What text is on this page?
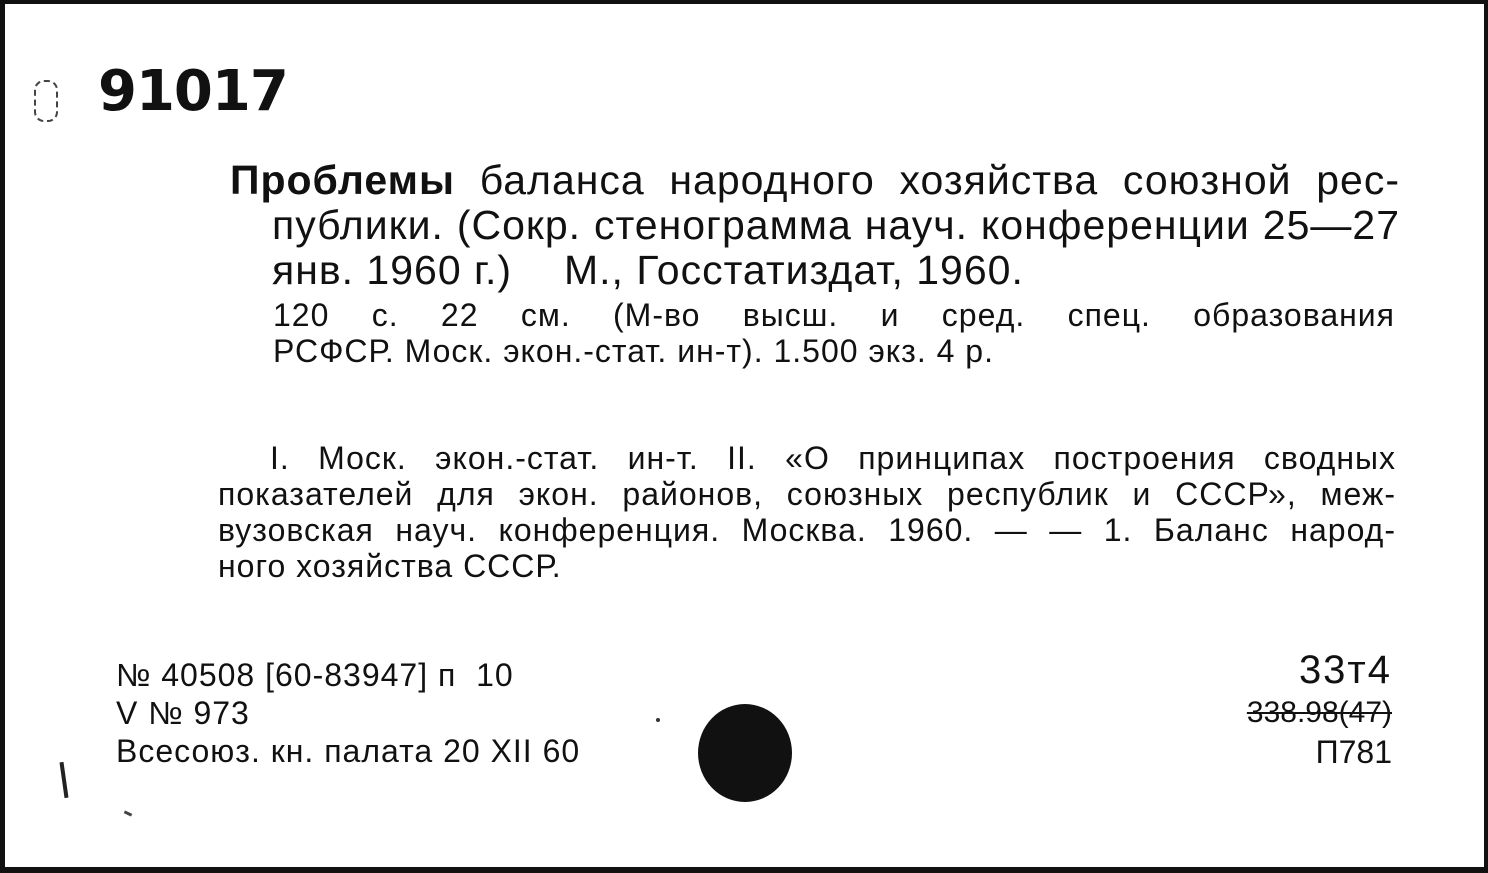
91017
Проблемы баланса народного хозяйства союзной рес-
публики. (Сокр. стенограмма науч. конференции 25—27
янв. 1960 г.) М., Госстатиздат, 1960.
120 с. 22 см. (М-во высш. и сред. спец. образования
РСФСР. Моск. экон.-стат. ин-т). 1.500 экз. 4 р.
I. Моск. экон.-стат. ин-т. II. «О принципах построения сводных
показателей для экон. районов, союзных республик и СССР», меж-
вузовская науч. конференция. Москва. 1960. — — 1. Баланс народ-
ного хозяйства СССР.
№ 40508 [60-83947] п  10
V № 973
Всесоюз. кн. палата 20 XII 60
33т4
338.98(47)
П781
